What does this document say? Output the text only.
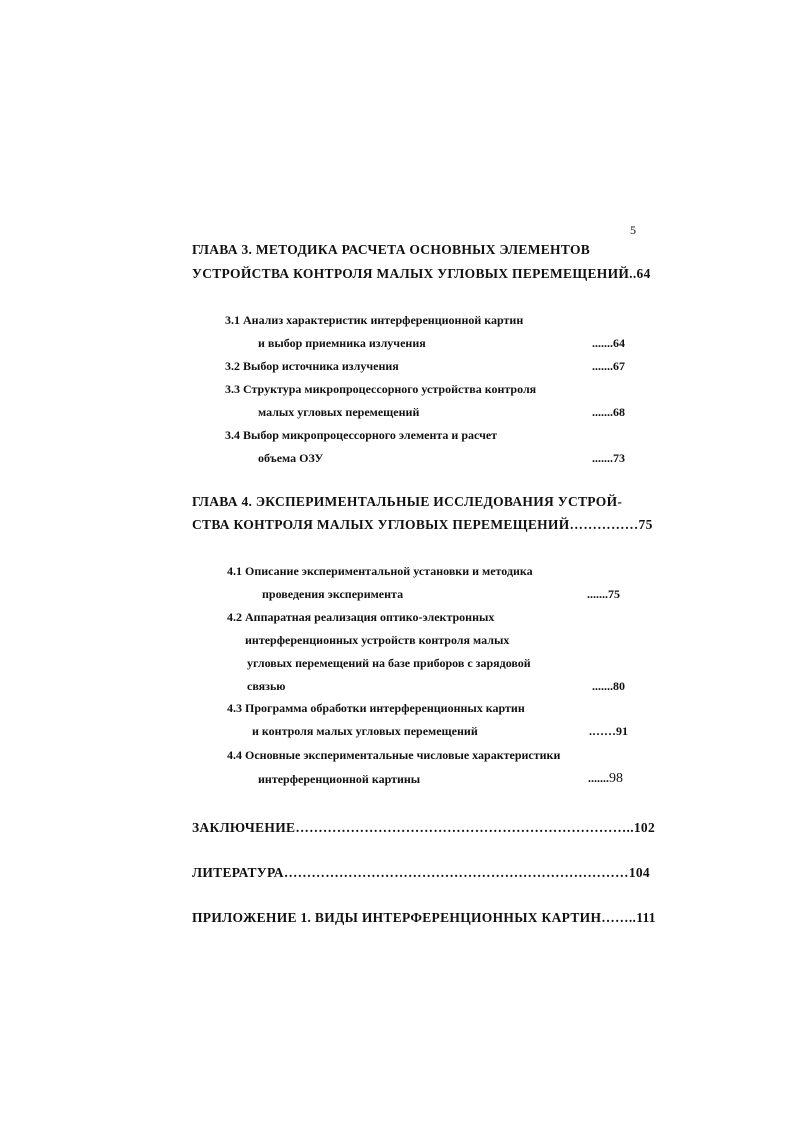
5
ГЛАВА 3. МЕТОДИКА РАСЧЕТА ОСНОВНЫХ ЭЛЕМЕНТОВ
УСТРОЙСТВА КОНТРОЛЯ МАЛЫХ УГЛОВЫХ ПЕРЕМЕЩЕНИЙ..64
3.1 Анализ характеристик интерференционной картин
и выбор приемника излучения	.......64
3.2 Выбор источника излучения	.......67
3.3 Структура микропроцессорного устройства контроля
малых угловых перемещений	.......68
3.4 Выбор микропроцессорного элемента и расчет
объема ОЗУ	.......73
ГЛАВА 4. ЭКСПЕРИМЕНТАЛЬНЫЕ ИССЛЕДОВАНИЯ УСТРОЙ-
СТВА КОНТРОЛЯ МАЛЫХ УГЛОВЫХ ПЕРЕМЕЩЕНИЙ……………75
4.1 Описание экспериментальной установки и методика
проведения эксперимента	.......75
4.2 Аппаратная реализация оптико-электронных
интерференционных устройств контроля малых
угловых перемещений на базе приборов с зарядовой
связью	.......80
4.3 Программа обработки интерференционных картин
и контроля малых угловых перемещений	.……91
4.4 Основные экспериментальные числовые характеристики
интерференционной картины	.......98
ЗАКЛЮЧЕНИЕ………………………………………………………………..102
ЛИТЕРАТУРА…………………………………………………………………104
ПРИЛОЖЕНИЕ 1. ВИДЫ ИНТЕРФЕРЕНЦИОННЫХ КАРТИН……..111
